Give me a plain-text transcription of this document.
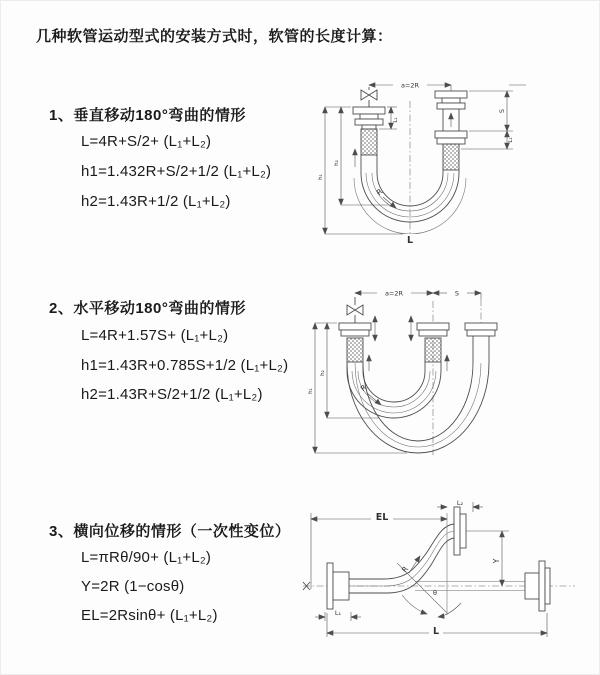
几种软管运动型式的安装方式时，软管的长度计算：
1、垂直移动180°弯曲的情形
L=4R+S/2+ (L₁+L₂)
h1=1.432R+S/2+1/2 (L₁+L₂)
h2=1.43R+1/2 (L₁+L₂)
a=2R
L₁
S
L₁
h₁
h₂
R
L
2、水平移动180°弯曲的情形
L=4R+1.57S+ (L₁+L₂)
h1=1.43R+0.785S+1/2 (L₁+L₂)
h2=1.43R+S/2+1/2 (L₁+L₂)
a=2R	S
h₁
h₂
R
3、横向位移的情形（一次性变位）
L=πRθ/90+ (L₁+L₂)
Y=2R (1−cosθ)
EL=2Rsinθ+ (L₁+L₂)	L₁
θ
R
EL
L₂
Y
L
